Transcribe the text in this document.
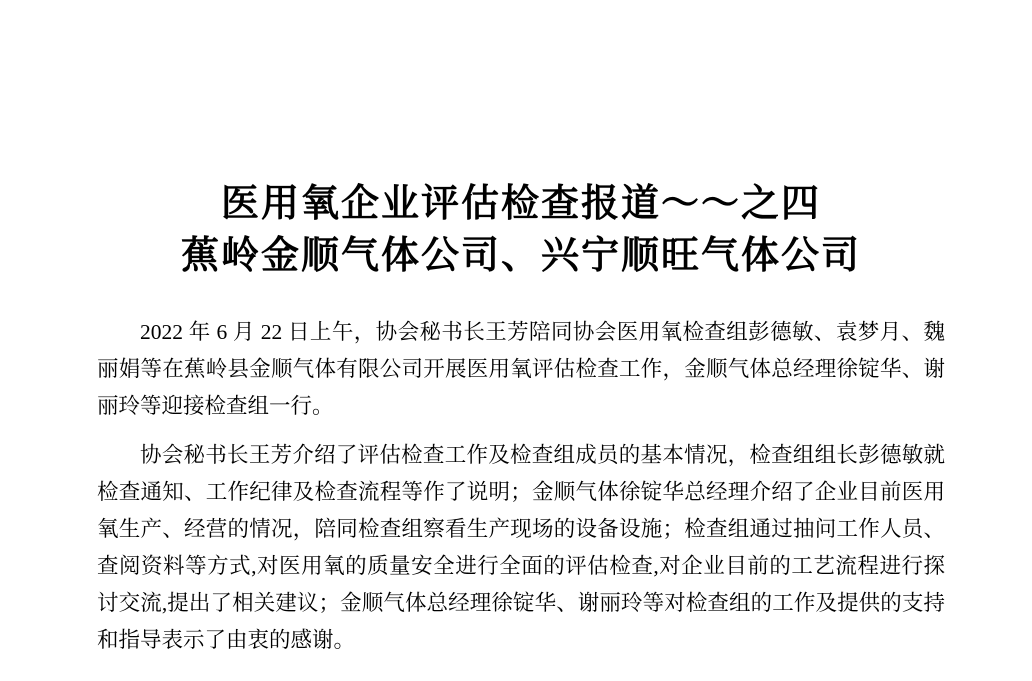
医用氧企业评估检查报道～～之四
蕉岭金顺气体公司、兴宁顺旺气体公司

2022 年 6 月 22 日上午，协会秘书长王芳陪同协会医用氧检查组彭德敏、袁梦月、魏丽娟等在蕉岭县金顺气体有限公司开展医用氧评估检查工作，金顺气体总经理徐锭华、谢丽玲等迎接检查组一行。

协会秘书长王芳介绍了评估检查工作及检查组成员的基本情况，检查组组长彭德敏就检查通知、工作纪律及检查流程等作了说明；金顺气体徐锭华总经理介绍了企业目前医用氧生产、经营的情况，陪同检查组察看生产现场的设备设施；检查组通过抽问工作人员、查阅资料等方式,对医用氧的质量安全进行全面的评估检查,对企业目前的工艺流程进行探讨交流,提出了相关建议；金顺气体总经理徐锭华、谢丽玲等对检查组的工作及提供的支持和指导表示了由衷的感谢。
